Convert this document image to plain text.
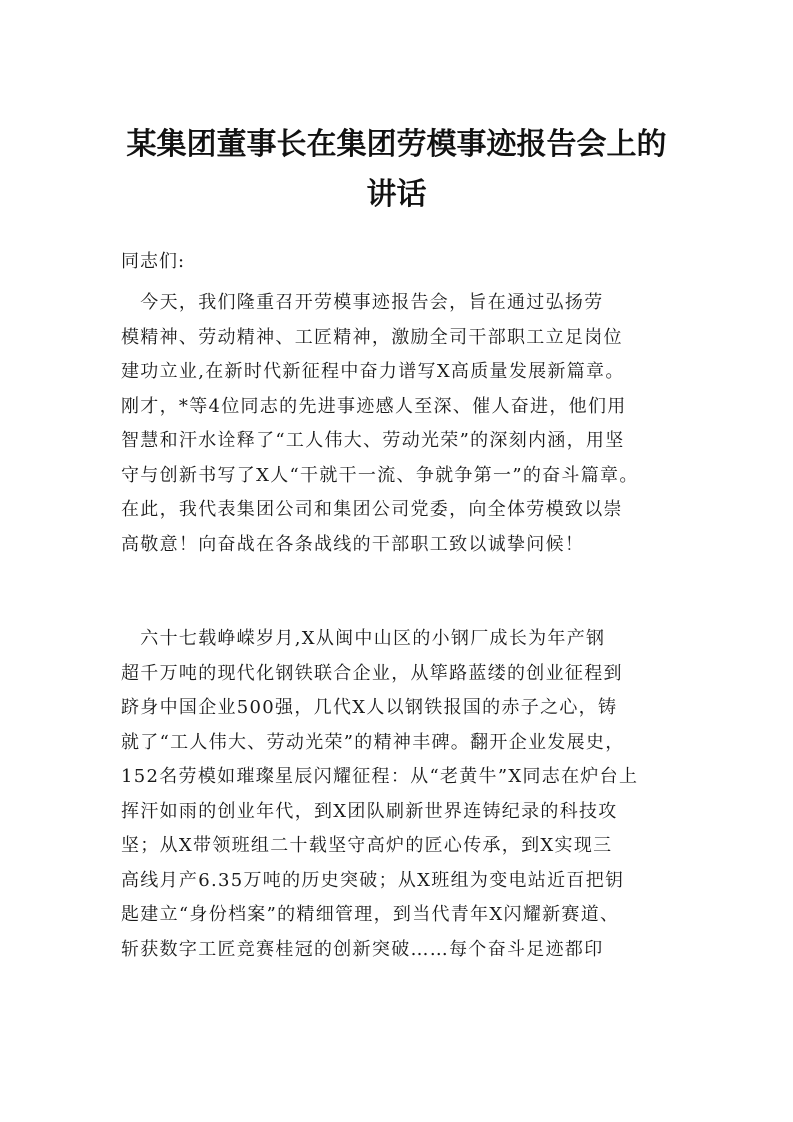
某集团董事长在集团劳模事迹报告会上的
讲话

同志们:

　今天，我们隆重召开劳模事迹报告会，旨在通过弘扬劳
模精神、劳动精神、工匠精神，激励全司干部职工立足岗位
建功立业,在新时代新征程中奋力谱写X高质量发展新篇章。
刚才，*等4位同志的先进事迹感人至深、催人奋进，他们用
智慧和汗水诠释了“工人伟大、劳动光荣”的深刻内涵，用坚
守与创新书写了X人“干就干一流、争就争第一”的奋斗篇章。
在此，我代表集团公司和集团公司党委，向全体劳模致以崇
高敬意！向奋战在各条战线的干部职工致以诚挚问候！
　六十七载峥嵘岁月,X从闽中山区的小钢厂成长为年产钢
超千万吨的现代化钢铁联合企业，从筚路蓝缕的创业征程到
跻身中国企业500强，几代X人以钢铁报国的赤子之心，铸
就了“工人伟大、劳动光荣”的精神丰碑。翻开企业发展史，
152名劳模如璀璨星辰闪耀征程：从“老黄牛”X同志在炉台上
挥汗如雨的创业年代，到X团队刷新世界连铸纪录的科技攻
坚；从X带领班组二十载坚守高炉的匠心传承，到X实现三
高线月产6.35万吨的历史突破；从X班组为变电站近百把钥
匙建立“身份档案”的精细管理，到当代青年X闪耀新赛道、
斩获数字工匠竞赛桂冠的创新突破……每个奋斗足迹都印
